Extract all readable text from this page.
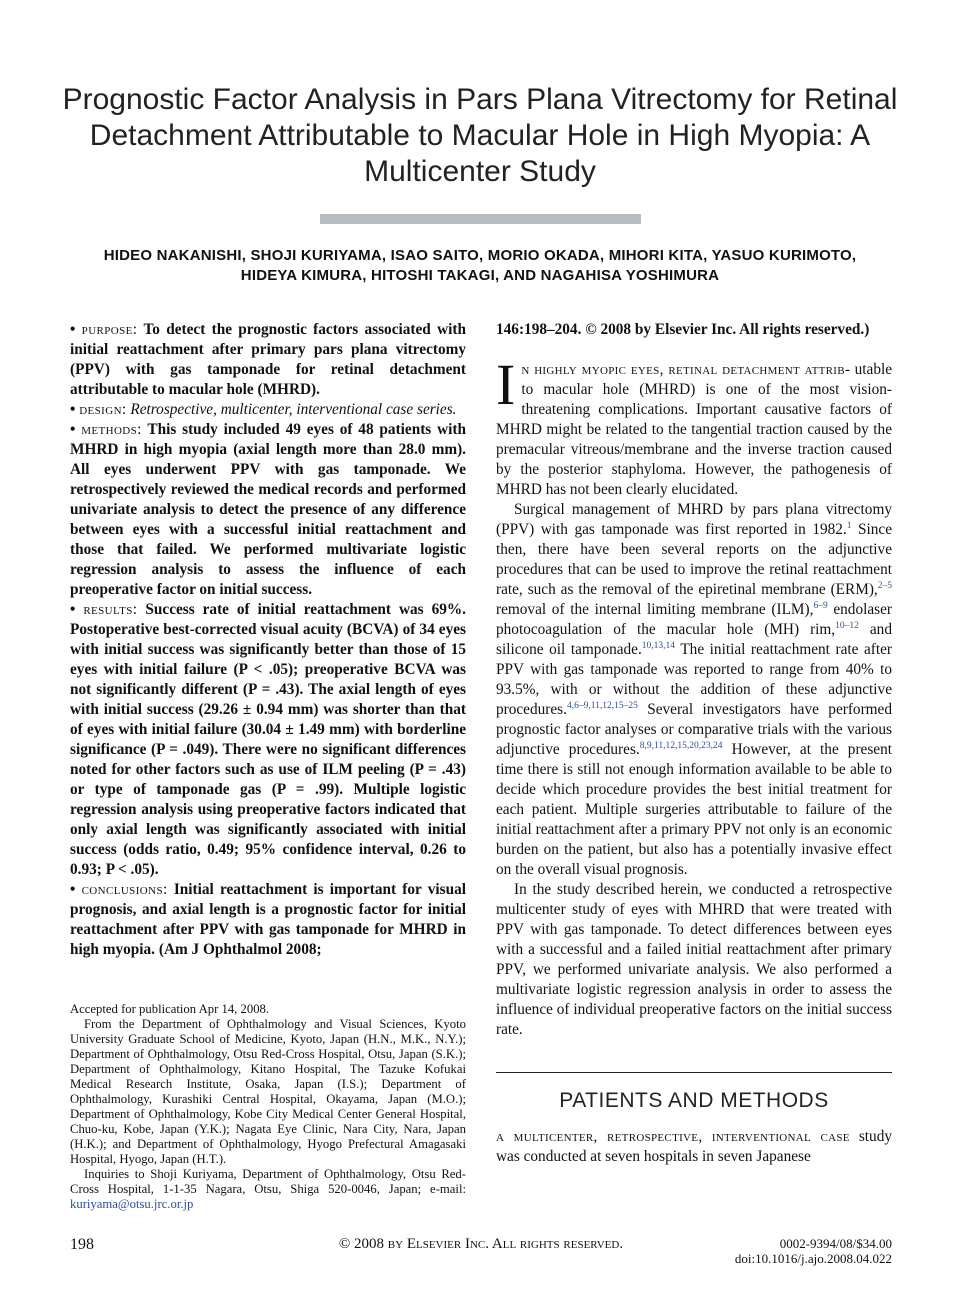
Prognostic Factor Analysis in Pars Plana Vitrectomy for Retinal Detachment Attributable to Macular Hole in High Myopia: A Multicenter Study
HIDEO NAKANISHI, SHOJI KURIYAMA, ISAO SAITO, MORIO OKADA, MIHORI KITA, YASUO KURIMOTO,
HIDEYA KIMURA, HITOSHI TAKAGI, AND NAGAHISA YOSHIMURA

• purpose: To detect the prognostic factors associated with initial reattachment after primary pars plana vitrectomy (PPV) with gas tamponade for retinal detachment attributable to macular hole (MHRD).

• design: Retrospective, multicenter, interventional case series.

• methods: This study included 49 eyes of 48 patients with MHRD in high myopia (axial length more than 28.0 mm). All eyes underwent PPV with gas tamponade. We retrospectively reviewed the medical records and performed univariate analysis to detect the presence of any difference between eyes with a successful initial reattachment and those that failed. We performed multivariate logistic regression analysis to assess the influence of each preoperative factor on initial success.

• results: Success rate of initial reattachment was 69%. Postoperative best-corrected visual acuity (BCVA) of 34 eyes with initial success was significantly better than those of 15 eyes with initial failure (P < .05); preoperative BCVA was not significantly different (P = .43). The axial length of eyes with initial success (29.26 ± 0.94 mm) was shorter than that of eyes with initial failure (30.04 ± 1.49 mm) with borderline significance (P = .049). There were no significant differences noted for other factors such as use of ILM peeling (P = .43) or type of tamponade gas (P = .99). Multiple logistic regression analysis using preoperative factors indicated that only axial length was significantly associated with initial success (odds ratio, 0.49; 95% confidence interval, 0.26 to 0.93; P < .05).

• conclusions: Initial reattachment is important for visual prognosis, and axial length is a prognostic factor for initial reattachment after PPV with gas tamponade for MHRD in high myopia. (Am J Ophthalmol 2008;

Accepted for publication Apr 14, 2008.

From the Department of Ophthalmology and Visual Sciences, Kyoto University Graduate School of Medicine, Kyoto, Japan (H.N., M.K., N.Y.); Department of Ophthalmology, Otsu Red-Cross Hospital, Otsu, Japan (S.K.); Department of Ophthalmology, Kitano Hospital, The Tazuke Kofukai Medical Research Institute, Osaka, Japan (I.S.); Department of Ophthalmology, Kurashiki Central Hospital, Okayama, Japan (M.O.); Department of Ophthalmology, Kobe City Medical Center General Hospital, Chuo-ku, Kobe, Japan (Y.K.); Nagata Eye Clinic, Nara City, Nara, Japan (H.K.); and Department of Ophthalmology, Hyogo Prefectural Amagasaki Hospital, Hyogo, Japan (H.T.).

Inquiries to Shoji Kuriyama, Department of Ophthalmology, Otsu Red-Cross Hospital, 1-1-35 Nagara, Otsu, Shiga 520-0046, Japan; e-mail: kuriyama@otsu.jrc.or.jp

146:198–204. © 2008 by Elsevier Inc. All rights reserved.)

In highly myopic eyes, retinal detachment attrib- utable to macular hole (MHRD) is one of the most vision-threatening complications. Important causative factors of MHRD might be related to the tangential traction caused by the premacular vitreous/membrane and the inverse traction caused by the posterior staphyloma. However, the pathogenesis of MHRD has not been clearly elucidated.

Surgical management of MHRD by pars plana vitrectomy (PPV) with gas tamponade was first reported in 1982.$^1$ Since then, there have been several reports on the adjunctive procedures that can be used to improve the retinal reattachment rate, such as the removal of the epiretinal membrane (ERM),$^{2-5}$ removal of the internal limiting membrane (ILM),$^{6-9}$ endolaser photocoagulation of the macular hole (MH) rim,$^{10-12}$ and silicone oil tamponade.$^{10,13,14}$ The initial reattachment rate after PPV with gas tamponade was reported to range from 40% to 93.5%, with or without the addition of these adjunctive procedures.$^{4,6-9,11,12,15-25}$ Several investigators have performed prognostic factor analyses or comparative trials with the various adjunctive procedures.$^{8,9,11,12,15,20,23,24}$ However, at the present time there is still not enough information available to be able to decide which procedure provides the best initial treatment for each patient. Multiple surgeries attributable to failure of the initial reattachment after a primary PPV not only is an economic burden on the patient, but also has a potentially invasive effect on the overall visual prognosis.

In the study described herein, we conducted a retrospective multicenter study of eyes with MHRD that were treated with PPV with gas tamponade. To detect differences between eyes with a successful and a failed initial reattachment after primary PPV, we performed univariate analysis. We also performed a multivariate logistic regression analysis in order to assess the influence of individual preoperative factors on the initial success rate.

PATIENTS AND METHODS

a multicenter, retrospective, interventional case study was conducted at seven hospitals in seven Japanese

198	© 2008 by Elsevier Inc. All rights reserved.	0002-9394/08/$34.00
doi:10.1016/j.ajo.2008.04.022
